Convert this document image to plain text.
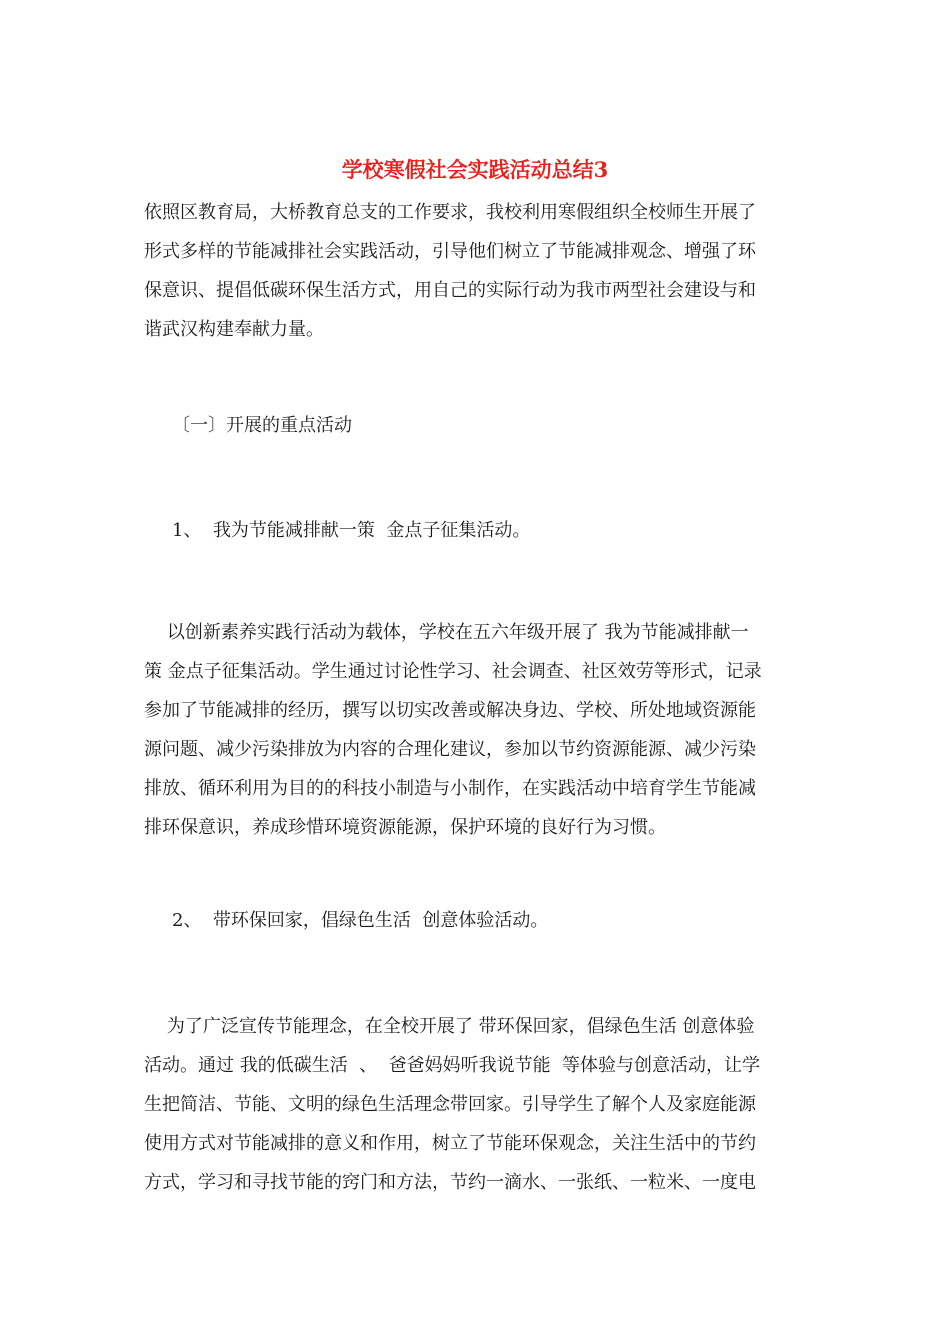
学校寒假社会实践活动总结3
依照区教育局，大桥教育总支的工作要求，我校利用寒假组织全校师生开展了
形式多样的节能减排社会实践活动，引导他们树立了节能减排观念、增强了环
保意识、提倡低碳环保生活方式，用自己的实际行动为我市两型社会建设与和
谐武汉构建奉献力量。

〔一〕开展的重点活动

1、  我为节能减排献一策  金点子征集活动。

以创新素养实践行活动为载体，学校在五六年级开展了 我为节能减排献一
策 金点子征集活动。学生通过讨论性学习、社会调查、社区效劳等形式，记录
参加了节能减排的经历，撰写以切实改善或解决身边、学校、所处地域资源能
源问题、减少污染排放为内容的合理化建议，参加以节约资源能源、减少污染
排放、循环利用为目的的科技小制造与小制作，在实践活动中培育学生节能减
排环保意识，养成珍惜环境资源能源，保护环境的良好行为习惯。

2、  带环保回家，倡绿色生活  创意体验活动。

为了广泛宣传节能理念，在全校开展了 带环保回家，倡绿色生活 创意体验
活动。通过 我的低碳生活  、  爸爸妈妈听我说节能  等体验与创意活动，让学
生把简洁、节能、文明的绿色生活理念带回家。引导学生了解个人及家庭能源
使用方式对节能减排的意义和作用，树立了节能环保观念，关注生活中的节约
方式，学习和寻找节能的窍门和方法，节约一滴水、一张纸、一粒米、一度电
